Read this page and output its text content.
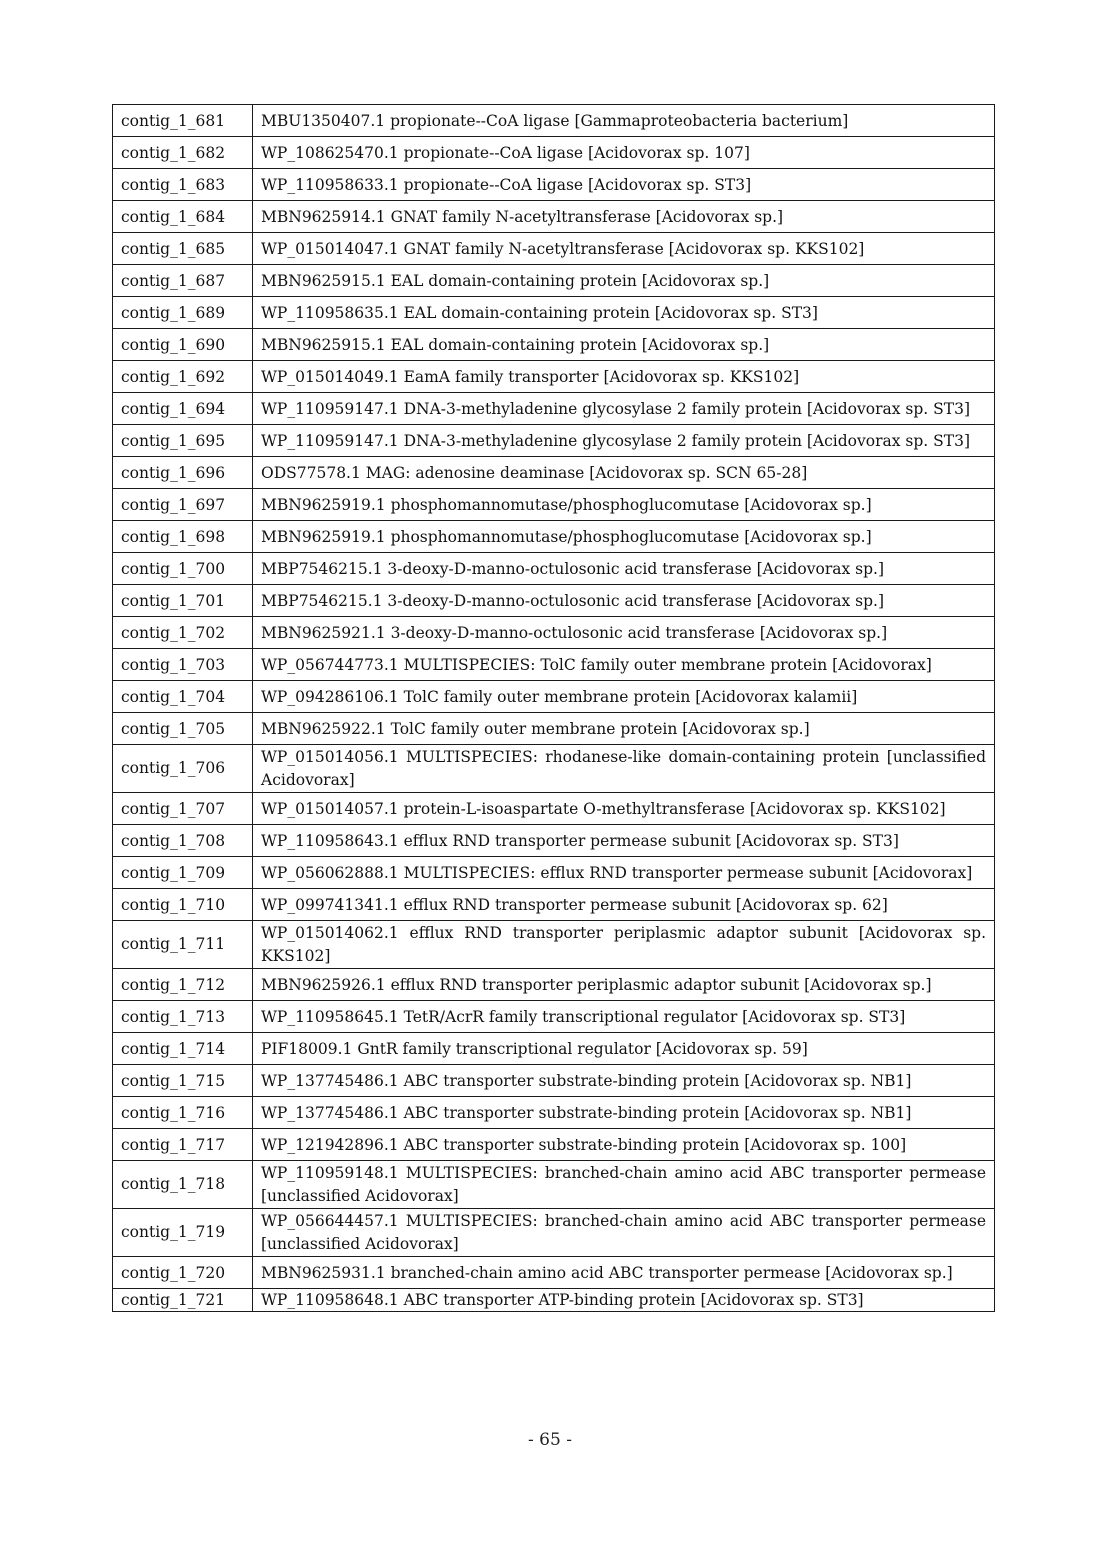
contig_1_681	MBU1350407.1 propionate--CoA ligase [Gammaproteobacteria bacterium]
contig_1_682	WP_108625470.1 propionate--CoA ligase [Acidovorax sp. 107]
contig_1_683	WP_110958633.1 propionate--CoA ligase [Acidovorax sp. ST3]
contig_1_684	MBN9625914.1 GNAT family N-acetyltransferase [Acidovorax sp.]
contig_1_685	WP_015014047.1 GNAT family N-acetyltransferase [Acidovorax sp. KKS102]
contig_1_687	MBN9625915.1 EAL domain-containing protein [Acidovorax sp.]
contig_1_689	WP_110958635.1 EAL domain-containing protein [Acidovorax sp. ST3]
contig_1_690	MBN9625915.1 EAL domain-containing protein [Acidovorax sp.]
contig_1_692	WP_015014049.1 EamA family transporter [Acidovorax sp. KKS102]
contig_1_694	WP_110959147.1 DNA-3-methyladenine glycosylase 2 family protein [Acidovorax sp. ST3]
contig_1_695	WP_110959147.1 DNA-3-methyladenine glycosylase 2 family protein [Acidovorax sp. ST3]
contig_1_696	ODS77578.1 MAG: adenosine deaminase [Acidovorax sp. SCN 65-28]
contig_1_697	MBN9625919.1 phosphomannomutase/phosphoglucomutase [Acidovorax sp.]
contig_1_698	MBN9625919.1 phosphomannomutase/phosphoglucomutase [Acidovorax sp.]
contig_1_700	MBP7546215.1 3-deoxy-D-manno-octulosonic acid transferase [Acidovorax sp.]
contig_1_701	MBP7546215.1 3-deoxy-D-manno-octulosonic acid transferase [Acidovorax sp.]
contig_1_702	MBN9625921.1 3-deoxy-D-manno-octulosonic acid transferase [Acidovorax sp.]
contig_1_703	WP_056744773.1 MULTISPECIES: TolC family outer membrane protein [Acidovorax]
contig_1_704	WP_094286106.1 TolC family outer membrane protein [Acidovorax kalamii]
contig_1_705	MBN9625922.1 TolC family outer membrane protein [Acidovorax sp.]
contig_1_706	WP_015014056.1 MULTISPECIES: rhodanese-like domain-containing protein [unclassified Acidovorax]
contig_1_707	WP_015014057.1 protein-L-isoaspartate O-methyltransferase [Acidovorax sp. KKS102]
contig_1_708	WP_110958643.1 efflux RND transporter permease subunit [Acidovorax sp. ST3]
contig_1_709	WP_056062888.1 MULTISPECIES: efflux RND transporter permease subunit [Acidovorax]
contig_1_710	WP_099741341.1 efflux RND transporter permease subunit [Acidovorax sp. 62]
contig_1_711	WP_015014062.1 efflux RND transporter periplasmic adaptor subunit [Acidovorax sp. KKS102]
contig_1_712	MBN9625926.1 efflux RND transporter periplasmic adaptor subunit [Acidovorax sp.]
contig_1_713	WP_110958645.1 TetR/AcrR family transcriptional regulator [Acidovorax sp. ST3]
contig_1_714	PIF18009.1 GntR family transcriptional regulator [Acidovorax sp. 59]
contig_1_715	WP_137745486.1 ABC transporter substrate-binding protein [Acidovorax sp. NB1]
contig_1_716	WP_137745486.1 ABC transporter substrate-binding protein [Acidovorax sp. NB1]
contig_1_717	WP_121942896.1 ABC transporter substrate-binding protein [Acidovorax sp. 100]
contig_1_718	WP_110959148.1 MULTISPECIES: branched-chain amino acid ABC transporter permease [unclassified Acidovorax]
contig_1_719	WP_056644457.1 MULTISPECIES: branched-chain amino acid ABC transporter permease [unclassified Acidovorax]
contig_1_720	MBN9625931.1 branched-chain amino acid ABC transporter permease [Acidovorax sp.]
contig_1_721	WP_110958648.1 ABC transporter ATP-binding protein [Acidovorax sp. ST3]
- 65 -
